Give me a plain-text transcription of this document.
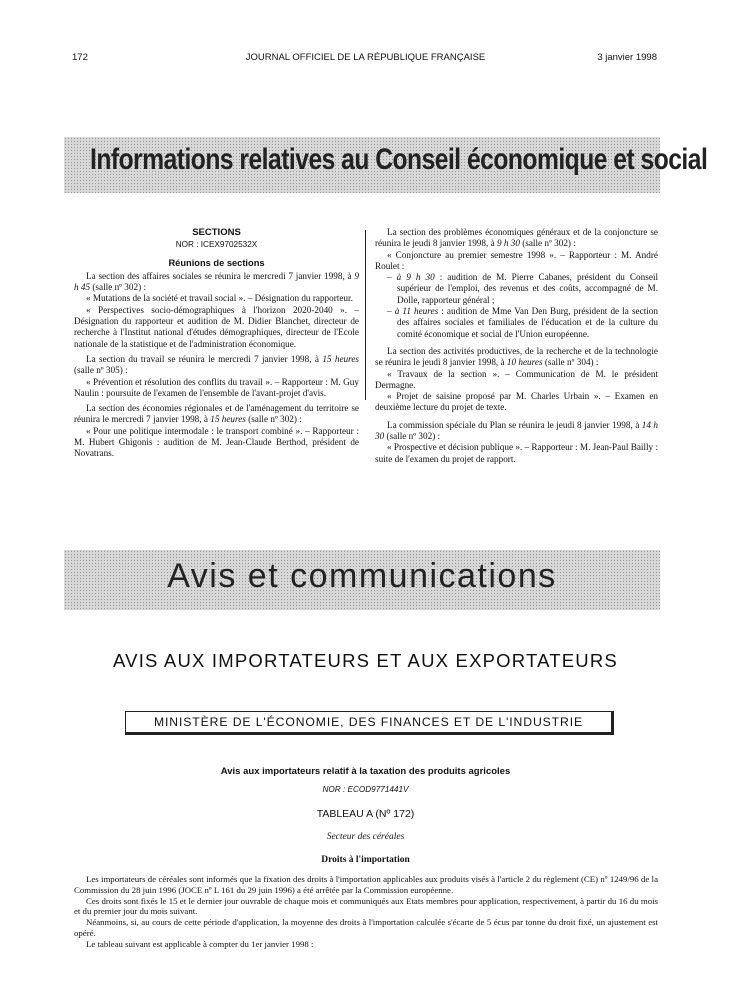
172	JOURNAL OFFICIEL DE LA RÉPUBLIQUE FRANÇAISE	3 janvier 1998
Informations relatives au Conseil économique et social

SECTIONS

NOR : ICEX9702532X

Réunions de sections

La section des affaires sociales se réunira le mercredi 7 janvier 1998, à 9 h 45 (salle nº 302) :

« Mutations de la société et travail social ». – Désignation du rapporteur.

« Perspectives socio-démographiques à l'horizon 2020-2040 ». – Désignation du rapporteur et audition de M. Didier Blanchet, directeur de recherche à l'Institut national d'études démographiques, directeur de l'Ecole nationale de la statistique et de l'administration économique.

La section du travail se réunira le mercredi 7 janvier 1998, à 15 heures (salle nº 305) :

« Prévention et résolution des conflits du travail ». – Rapporteur : M. Guy Naulin : poursuite de l'examen de l'ensemble de l'avant-projet d'avis.

La section des économies régionales et de l'aménagement du territoire se réunira le mercredi 7 janvier 1998, à 15 heures (salle nº 302) :

« Pour une politique intermodale : le transport combiné ». – Rapporteur : M. Hubert Ghigonis : audition de M. Jean-Claude Berthod, président de Novatrans.

La section des problèmes économiques généraux et de la conjoncture se réunira le jeudi 8 janvier 1998, à 9 h 30 (salle nº 302) :

« Conjoncture au premier semestre 1998 ». – Rapporteur : M. André Roulet :

– à 9 h 30 : audition de M. Pierre Cabanes, président du Conseil supérieur de l'emploi, des revenus et des coûts, accompagné de M. Dolle, rapporteur général ;

– à 11 heures : audition de Mme Van Den Burg, président de la section des affaires sociales et familiales de l'éducation et de la culture du comité économique et social de l'Union européenne.

La section des activités productives, de la recherche et de la technologie se réunira le jeudi 8 janvier 1998, à 10 heures (salle nº 304) :

« Travaux de la section ». – Communication de M. le président Dermagne.

« Projet de saisine proposé par M. Charles Urbain ». – Examen en deuxième lecture du projet de texte.

La commission spéciale du Plan se réunira le jeudi 8 janvier 1998, à 14 h 30 (salle nº 302) :

« Prospective et décision publique ». – Rapporteur : M. Jean-Paul Bailly : suite de l'examen du projet de rapport.

Avis et communications
AVIS AUX IMPORTATEURS ET AUX EXPORTATEURS
MINISTÈRE DE L'ÉCONOMIE, DES FINANCES ET DE L'INDUSTRIE
Avis aux importateurs relatif à la taxation des produits agricoles
NOR : ECOD9771441V
TABLEAU A (Nº 172)
Secteur des céréales
Droits à l'importation

Les importateurs de céréales sont informés que la fixation des droits à l'importation applicables aux produits visés à l'article 2 du règlement (CE) nº 1249/96 de la Commission du 28 juin 1996 (JOCE nº L 161 du 29 juin 1996) a été arrêtée par la Commission européenne.

Ces droits sont fixés le 15 et le dernier jour ouvrable de chaque mois et communiqués aux Etats membres pour application, respectivement, à partir du 16 du mois et du premier jour du mois suivant.

Néanmoins, si, au cours de cette période d'application, la moyenne des droits à l'importation calculée s'écarte de 5 écus par tonne du droit fixé, un ajustement est opéré.

Le tableau suivant est applicable à compter du 1er janvier 1998 :
